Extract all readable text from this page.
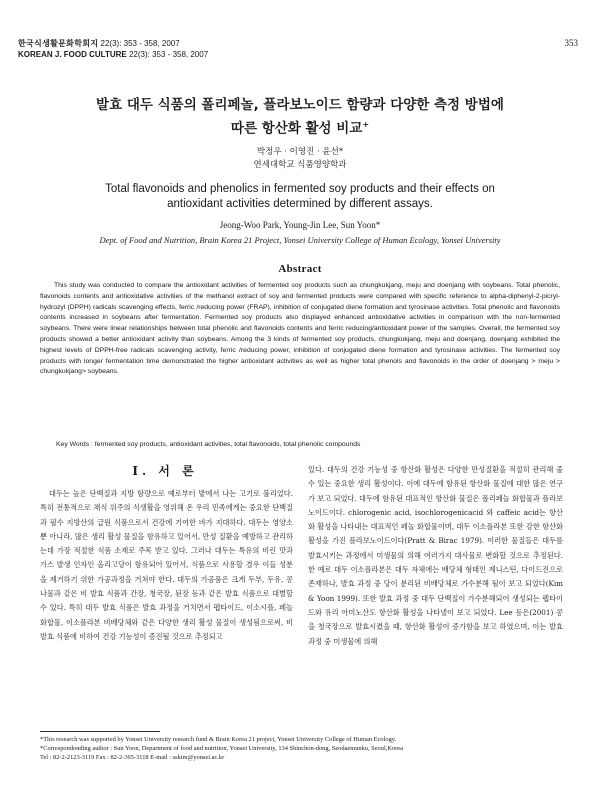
한국식생활문화학회지 22(3): 353 - 358, 2007
KOREAN J. FOOD CULTURE 22(3): 353 - 358, 2007
353
발효 대두 식품의 폴리페놀, 플라보노이드 함량과 다양한 측정 방법에
따른 항산화 활성 비교+
박정우 · 이영진 · 윤선*
연세대학교 식품영양학과
Total flavonoids and phenolics in fermented soy products and their effects on
antioxidant activities determined by different assays.
Jeong-Woo Park, Young-Jin Lee, Sun Yoon*
Dept. of Food and Nutrition, Brain Korea 21 Project, Yonsei University College of Human Ecology, Yonsei University
Abstract
This study was conducted to compare the antioxidant activities of fermented soy products such as chungkukjang, meju and doenjang with soybeans. Total phenolic, flavonoids contents and antioxidative activities of the methanol extract of soy and fermented products were compared with specific reference to alpha-diphenyl-2-picryl-hydrozyl (DPPH) radicals scavenging effects, ferric /reducing power (FRAP), inhibition of conjugated diene formation and tyrosinase activities. Total phenolic and flavonoids contents increased in soybeans after fermentation. Fermented soy products also displayed enhanced antioxidative activities in comparison with the non-fermented soybeans. There were linear relationships between total phenolic and flavonoids contents and ferric reducing/antioxidant power of the samples. Overall, the fermented soy products showed a better antioxidant activity than soybeans. Among the 3 kinds of fermented soy products, chungkukjang, meju and doenjang, doenjang exhibited the highest levels of DPPH-free radicals scavenging activity, ferric /reducing power, inhibition of conjugated diene formation and tyrosinase activities. The fermented soy products with longer fermentation time demonstrated the higher antioxidant activities as well as higher total phenols and flavonoids in the order of doenjang > meju > chungkukjang> soybeans.
Key Words : fermented soy products, antioxidant activities, total flavonoids, total phenolic compounds
I. 서 론
대두는 높은 단백질과 지방 함량으로 예로부터 밭에서 나는 고기로 불리었다. 특히 전통적으로 채식 위주의 식생활을 영위해 온 우리 민족에게는 중요한 단백질과 필수 지방산의 급원 식품으로서 건강에 기여한 바가 지대하다. 대두는 영양소뿐 아니라, 많은 생리 활성 물질을 함유하고 있어서, 만성 질환을 예방하고 관리하는데 가장 적절한 식품 소재로 주목 받고 있다. 그러나 대두는 특유의 비린 맛과 가스 발생 인자인 올리고당이 함유되어 있어서, 식품으로 사용할 경우 이들 성분을 제거하기 위한 가공과정을 거쳐야 한다. 대두의 가공품은 크게 두부, 두유, 콩나물과 같은 비 발효 식품과 간장, 청국장, 된장 등과 같은 발효 식품으로 대별할 수 있다. 특히 대두 발효 식품은 발효 과정을 거치면서 펩타이드, 이소시플, 페놀 화합물, 이소플라본 비배당체와 같은 다양한 생리 활성 물질이 생성됨으로써, 비 발효 식품에 비하여 건강 기능성이 증진될 것으로 추정되고
있다. 대두의 건강 기능성 중 항산화 활성은 다양한 만성질환을 적절히 관리해 줄 수 있는 중요한 생리 활성이다. 이에 대두에 함유된 항산화 물질에 대한 많은 연구가 보고 되었다. 대두에 함유된 대표적인 항산화 물질은 폴리페놀 화합물과 플라보노이드이다. chlorogenic acid, isochlorogenicacid 와 caffeic acid는 항산화 활성을 나타내는 대표적인 페놀 화합물이며, 대두 이소플라본 또한 강한 항산화 활성을 가진 플라보노이드이다(Pratt & Birac 1979). 이러한 물질들은 대두를 발효시키는 과정에서 미생물의 의해 여러가지 대사물로 변화할 것으로 추정된다. 한 예로 대두 이소플라본은 대두 자체에는 배당체 형태인 제니스틴, 다이드진으로 존재하나, 발효 과정 중 당이 분리된 비배당체로 가수분해 됨이 보고 되었다(Kim & Yoon 1999). 또한 발효 과정 중 대두 단백질이 가수분해되어 생성되는 펩타이드와 유리 아미노산도 항산화 활성을 나타낼이 보고 되었다. Lee 등은(2001) 콩을 청국장으로 발효시켰을 때, 항산화 활성이 증가함을 보고 하였으며, 이는 발효과정 중 미생물에 의해
*This research was supported by Yonsei University research fund & Brain Korea 21 project, Yonsei University College of Human Ecology.
*Correspondonding author : Sun Yoon, Department of food and nutrition, Yonsei University, 134 Shinchon-dong, Seodaemunku, Seoul,Korea
Tel : 82-2-2123-3119 Fax : 82-2-365-3118 E-mail : sskim@yonsei.ac.kr
